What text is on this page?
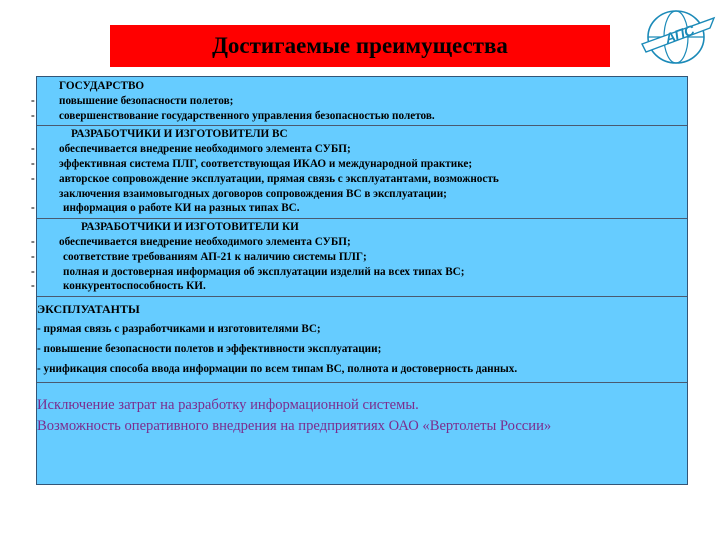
Достигаемые преимущества	АПС
ГОСУДАРСТВО
- повышение безопасности полетов;
- совершенствование государственного управления безопасностью полетов.
РАЗРАБОТЧИКИ И ИЗГОТОВИТЕЛИ ВС
- обеспечивается внедрение необходимого элемента СУБП;
- эффективная система ПЛГ, соответствующая ИКАО и международной практике;
- авторское сопровождение эксплуатации, прямая связь с эксплуатантами, возможность
заключения взаимовыгодных договоров сопровождения ВС в эксплуатации;
-	информация о работе КИ на разных типах ВС.
РАЗРАБОТЧИКИ И ИЗГОТОВИТЕЛИ КИ
- обеспечивается внедрение необходимого элемента СУБП;
-	соответствие требованиям АП-21 к наличию системы ПЛГ;
-	полная и достоверная информация об эксплуатации изделий на всех типах ВС;
-	конкурентоспособность КИ.
ЭКСПЛУАТАНТЫ
- прямая связь с разработчиками и изготовителями ВС;
- повышение безопасности полетов и эффективности эксплуатации;
- унификация способа ввода информации по всем типам ВС, полнота и достоверность данных.
Исключение затрат на разработку информационной системы.
Возможность оперативного внедрения на предприятиях ОАО «Вертолеты России»
